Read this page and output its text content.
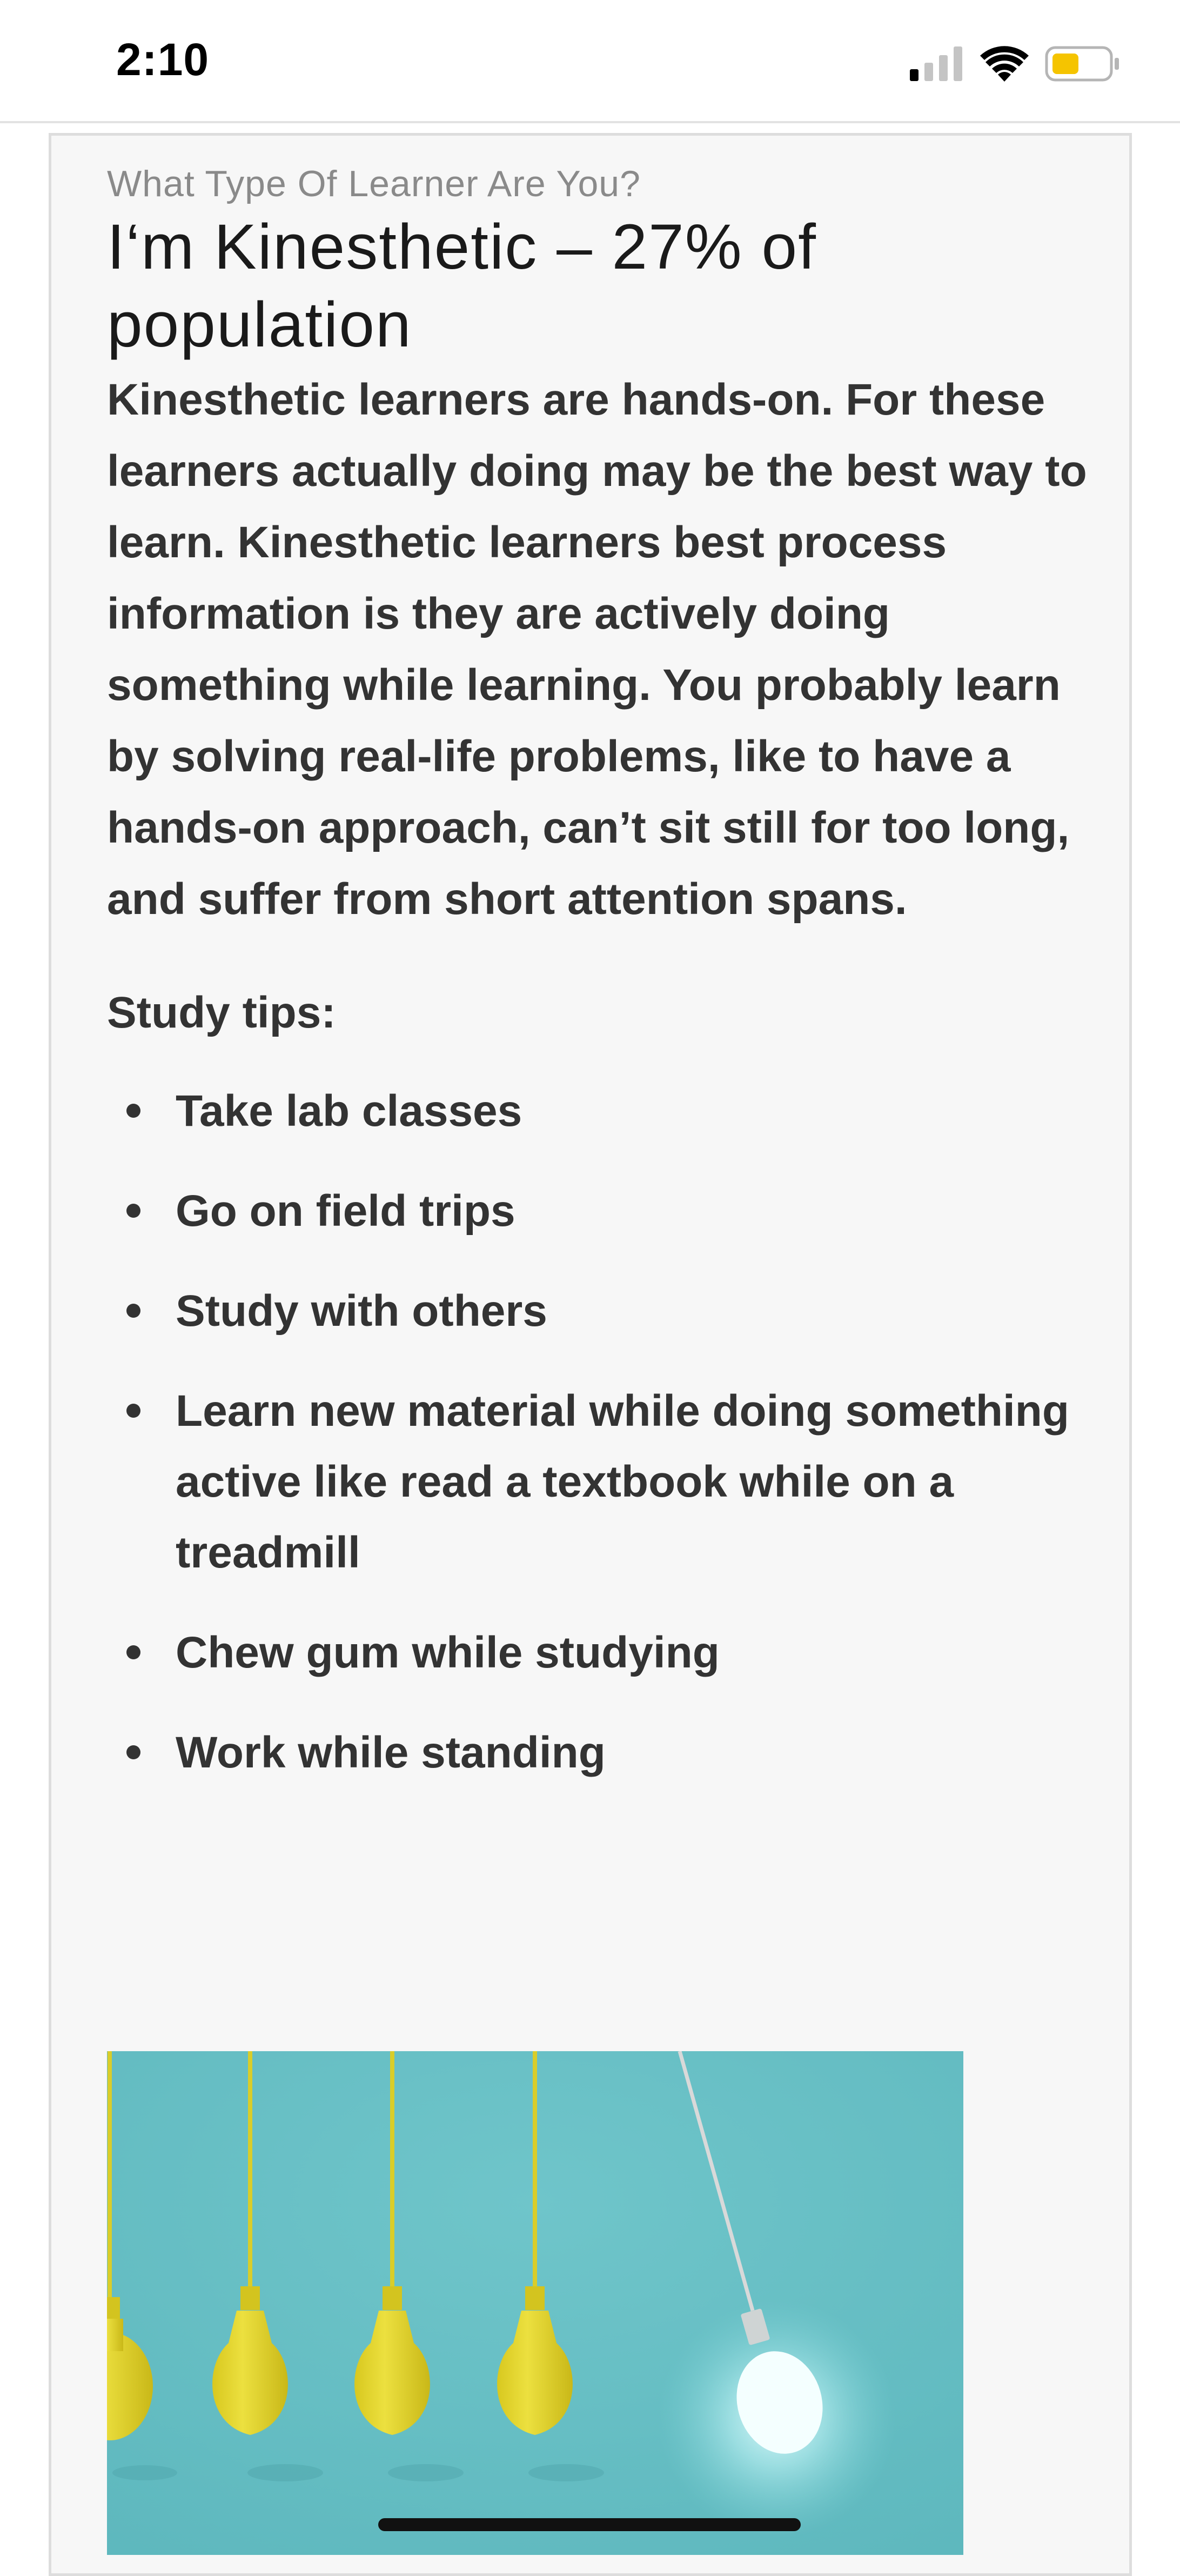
2:10

What Type Of Learner Are You?

I‘m Kinesthetic – 27% of population

Kinesthetic learners are hands-on. For these learners actually doing may be the best way to learn. Kinesthetic learners best process information is they are actively doing something while learning. You probably learn by solving real-life problems, like to have a hands-on approach, can’t sit still for too long, and suffer from short attention spans.

Study tips:

Take lab classes
Go on field trips
Study with others
Learn new material while doing something active like read a textbook while on a treadmill
Chew gum while studying
Work while standing
